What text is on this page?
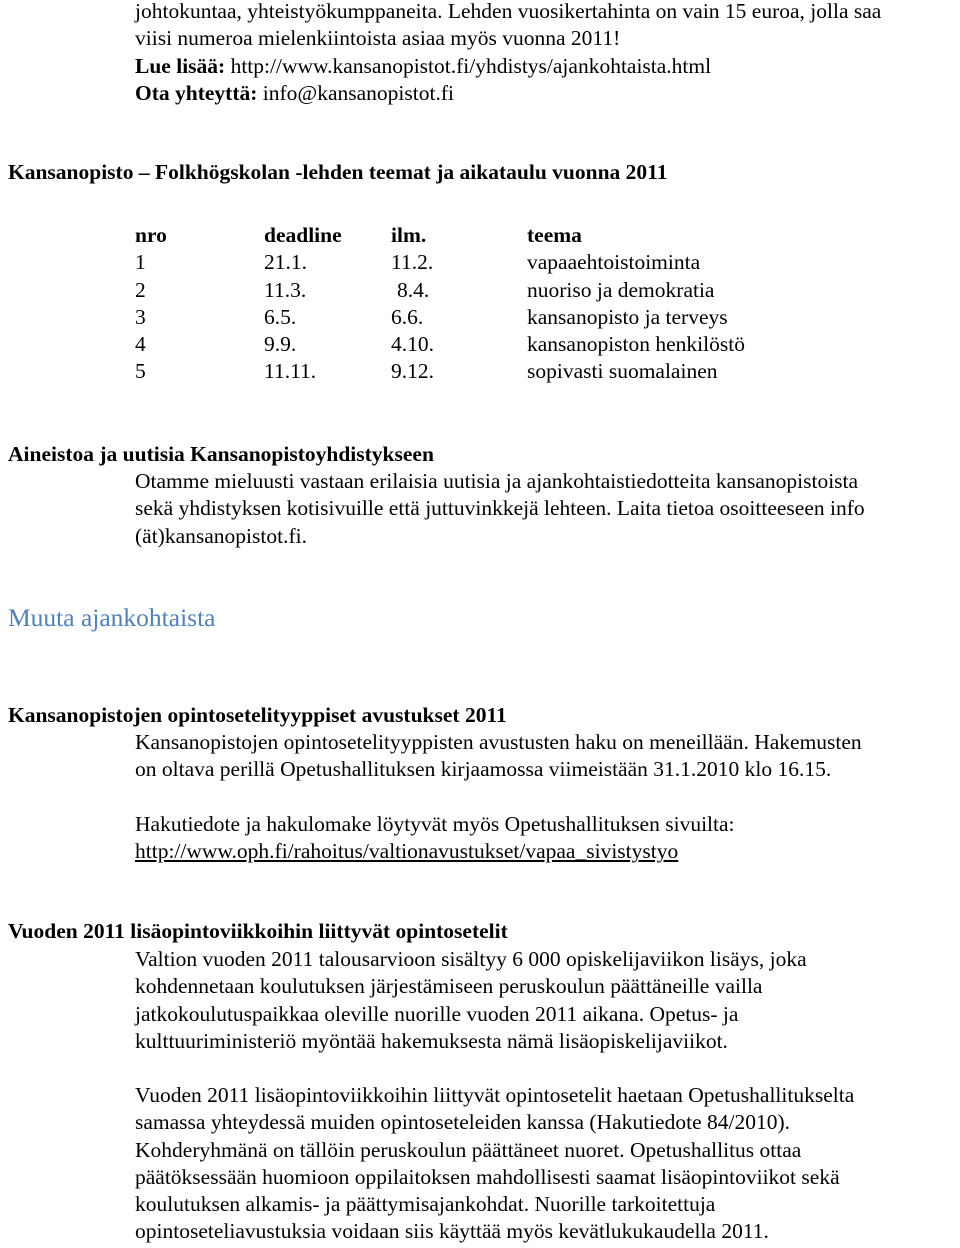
johtokuntaa, yhteistyökumppaneita. Lehden vuosikertahinta on vain 15 euroa, jolla saa
viisi numeroa mielenkiintoista asiaa myös vuonna 2011!
Lue lisää: http://www.kansanopistot.fi/yhdistys/ajankohtaista.html
Ota yhteyttä: info@kansanopistot.fi
Kansanopisto – Folkhögskolan -lehden teemat ja aikataulu vuonna 2011
nro	deadline	ilm.	teema
1	21.1.	11.2.	vapaaehtoistoiminta
2	11.3.	8.4.	nuoriso ja demokratia
3	6.5.	6.6.	kansanopisto ja terveys
4	9.9.	4.10.	kansanopiston henkilöstö
5	11.11.	9.12.	sopivasti suomalainen
Aineistoa ja uutisia Kansanopistoyhdistykseen
Otamme mieluusti vastaan erilaisia uutisia ja ajankohtaistiedotteita kansanopistoista
sekä yhdistyksen kotisivuille että juttuvinkkejä lehteen. Laita tietoa osoitteeseen info
(ät)kansanopistot.fi.
Muuta ajankohtaista
Kansanopistojen opintosetelityyppiset avustukset 2011
Kansanopistojen opintosetelityyppisten avustusten haku on meneillään. Hakemusten
on oltava perillä Opetushallituksen kirjaamossa viimeistään 31.1.2010 klo 16.15.
Hakutiedote ja hakulomake löytyvät myös Opetushallituksen sivuilta:
http://www.oph.fi/rahoitus/valtionavustukset/vapaa_sivistystyo
Vuoden 2011 lisäopintoviikkoihin liittyvät opintosetelit
Valtion vuoden 2011 talousarvioon sisältyy 6 000 opiskelijaviikon lisäys, joka
kohdennetaan koulutuksen järjestämiseen peruskoulun päättäneille vailla
jatkokoulutuspaikkaa oleville nuorille vuoden 2011 aikana. Opetus- ja
kulttuuriministeriö myöntää hakemuksesta nämä lisäopiskelijaviikot.
Vuoden 2011 lisäopintoviikkoihin liittyvät opintosetelit haetaan Opetushallitukselta
samassa yhteydessä muiden opintoseteleiden kanssa (Hakutiedote 84/2010).
Kohderyhmänä on tällöin peruskoulun päättäneet nuoret. Opetushallitus ottaa
päätöksessään huomioon oppilaitoksen mahdollisesti saamat lisäopintoviikot sekä
koulutuksen alkamis- ja päättymisajankohdat. Nuorille tarkoitettuja
opintoseteliavustuksia voidaan siis käyttää myös kevätlukukaudella 2011.
